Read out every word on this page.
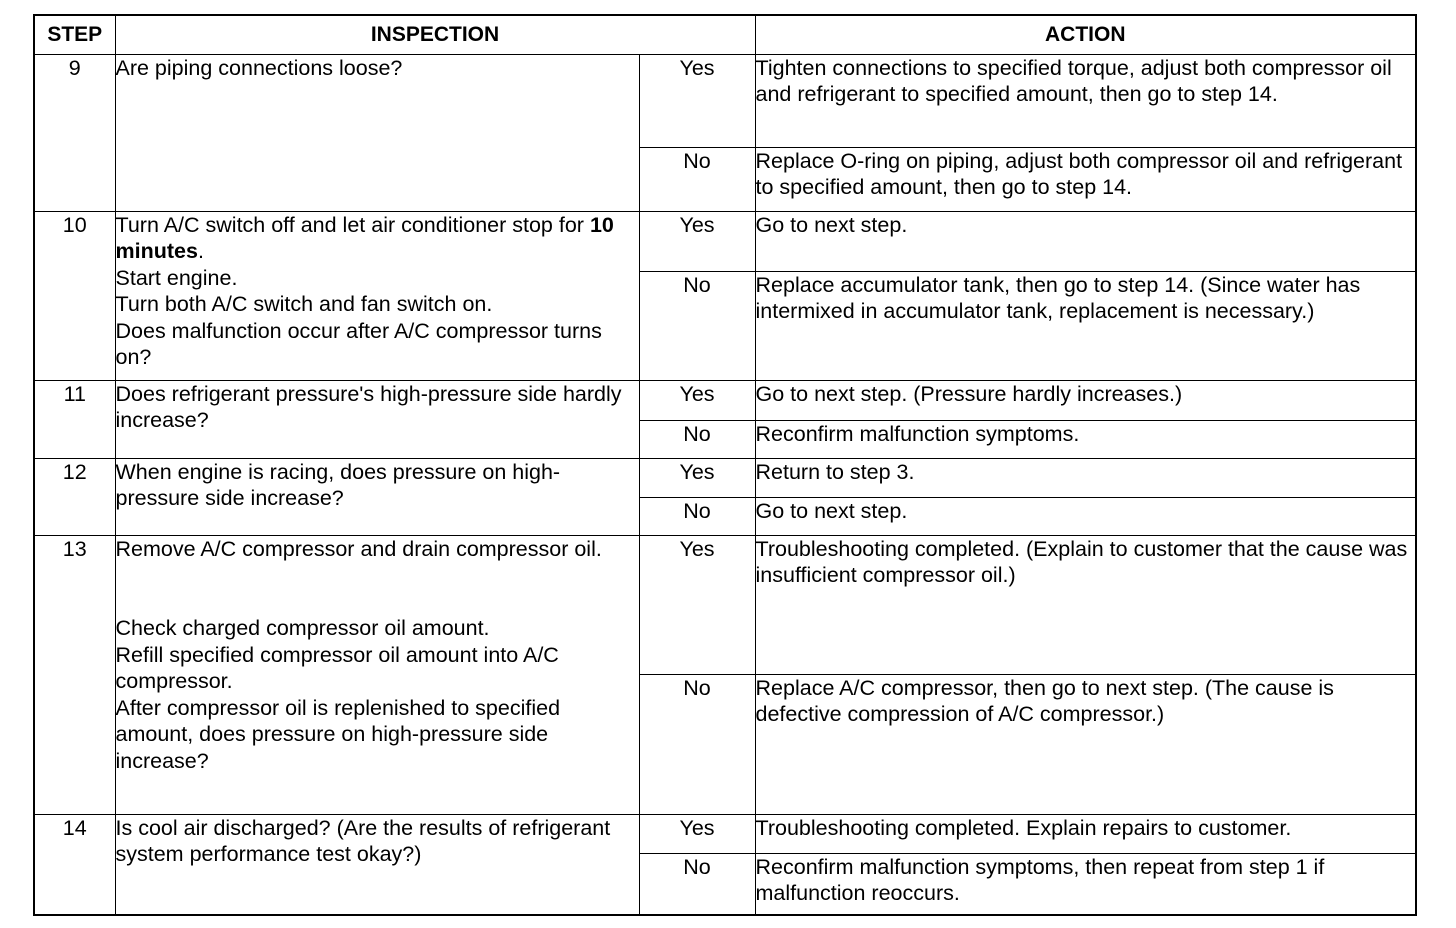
STEP	INSPECTION		ACTION
9	Are piping connections loose?	Yes	Tighten connections to specified torque, adjust both compressor oil and refrigerant to specified amount, then go to step 14.
		No	Replace O-ring on piping, adjust both compressor oil and refrigerant to specified amount, then go to step 14.
10	Turn A/C switch off and let air conditioner stop for 10 minutes.
Start engine.
Turn both A/C switch and fan switch on.
Does malfunction occur after A/C compressor turns on?	Yes	Go to next step.
		No	Replace accumulator tank, then go to step 14. (Since water has intermixed in accumulator tank, replacement is necessary.)
11	Does refrigerant pressure's high-pressure side hardly increase?	Yes	Go to next step. (Pressure hardly increases.)
		No	Reconfirm malfunction symptoms.
12	When engine is racing, does pressure on high-pressure side increase?	Yes	Return to step 3.
		No	Go to next step.
13	Remove A/C compressor and drain compressor oil.
Check charged compressor oil amount.
Refill specified compressor oil amount into A/C compressor.
After compressor oil is replenished to specified amount, does pressure on high-pressure side increase?	Yes	Troubleshooting completed. (Explain to customer that the cause was insufficient compressor oil.)
		No	Replace A/C compressor, then go to next step. (The cause is defective compression of A/C compressor.)
14	Is cool air discharged? (Are the results of refrigerant system performance test okay?)	Yes	Troubleshooting completed. Explain repairs to customer.
		No	Reconfirm malfunction symptoms, then repeat from step 1 if malfunction reoccurs.
